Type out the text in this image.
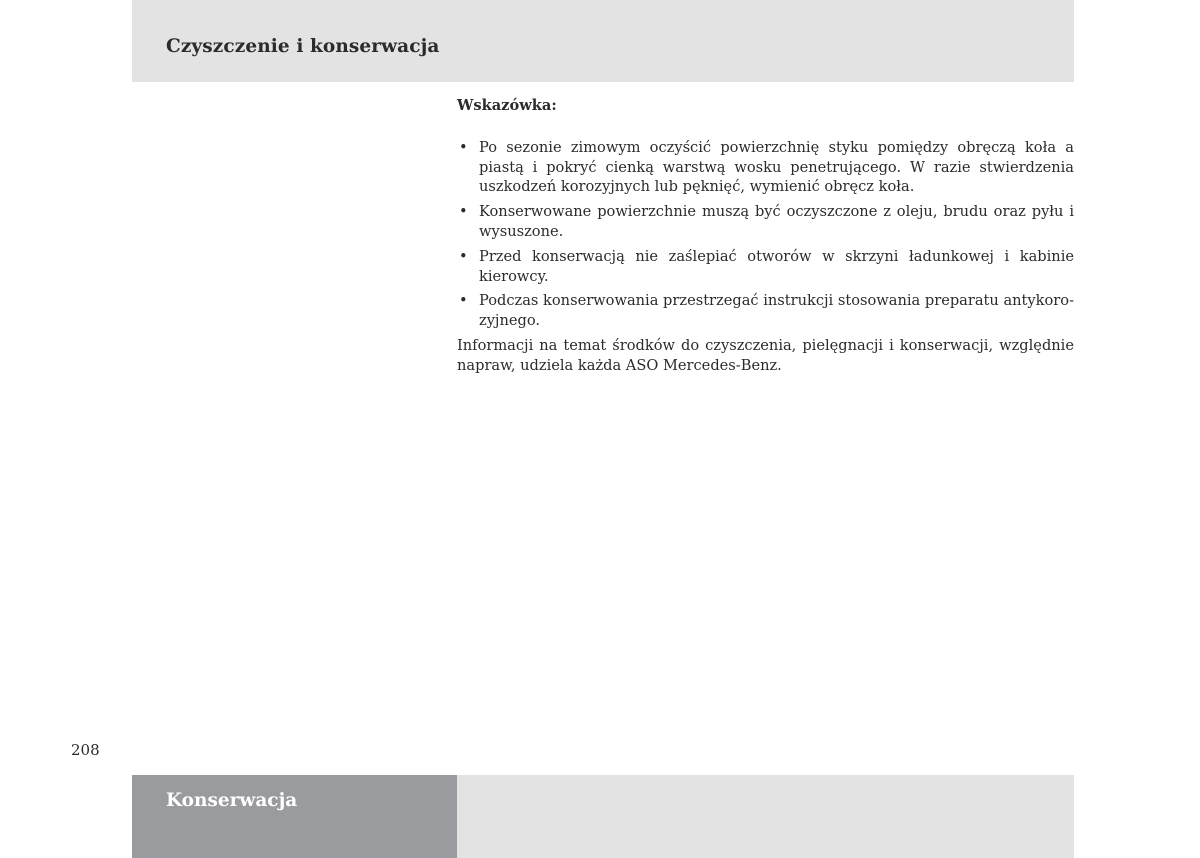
Czyszczenie i konserwacja
Wskazówka:
• Po sezonie zimowym oczyścić powierzchnię styku pomiędzy obręczą koła a piastą i pokryć cienką warstwą wosku penetrującego. W razie stwierdzenia uszkodzeń korozyjnych lub pęknięć, wymienić obręcz koła.
• Konserwowane powierzchnie muszą być oczyszczone z oleju, brudu oraz pyłu i wysuszone.
• Przed konserwacją nie zaślepiać otworów w skrzyni ładunkowej i kabinie kierowcy.
• Podczas konserwowania przestrzegać instrukcji stosowania preparatu antykorozyjnego.

Informacji na temat środków do czyszczenia, pielęgnacji i konserwacji, względnie napraw, udziela każda ASO Mercedes-Benz.

208
Konserwacja
